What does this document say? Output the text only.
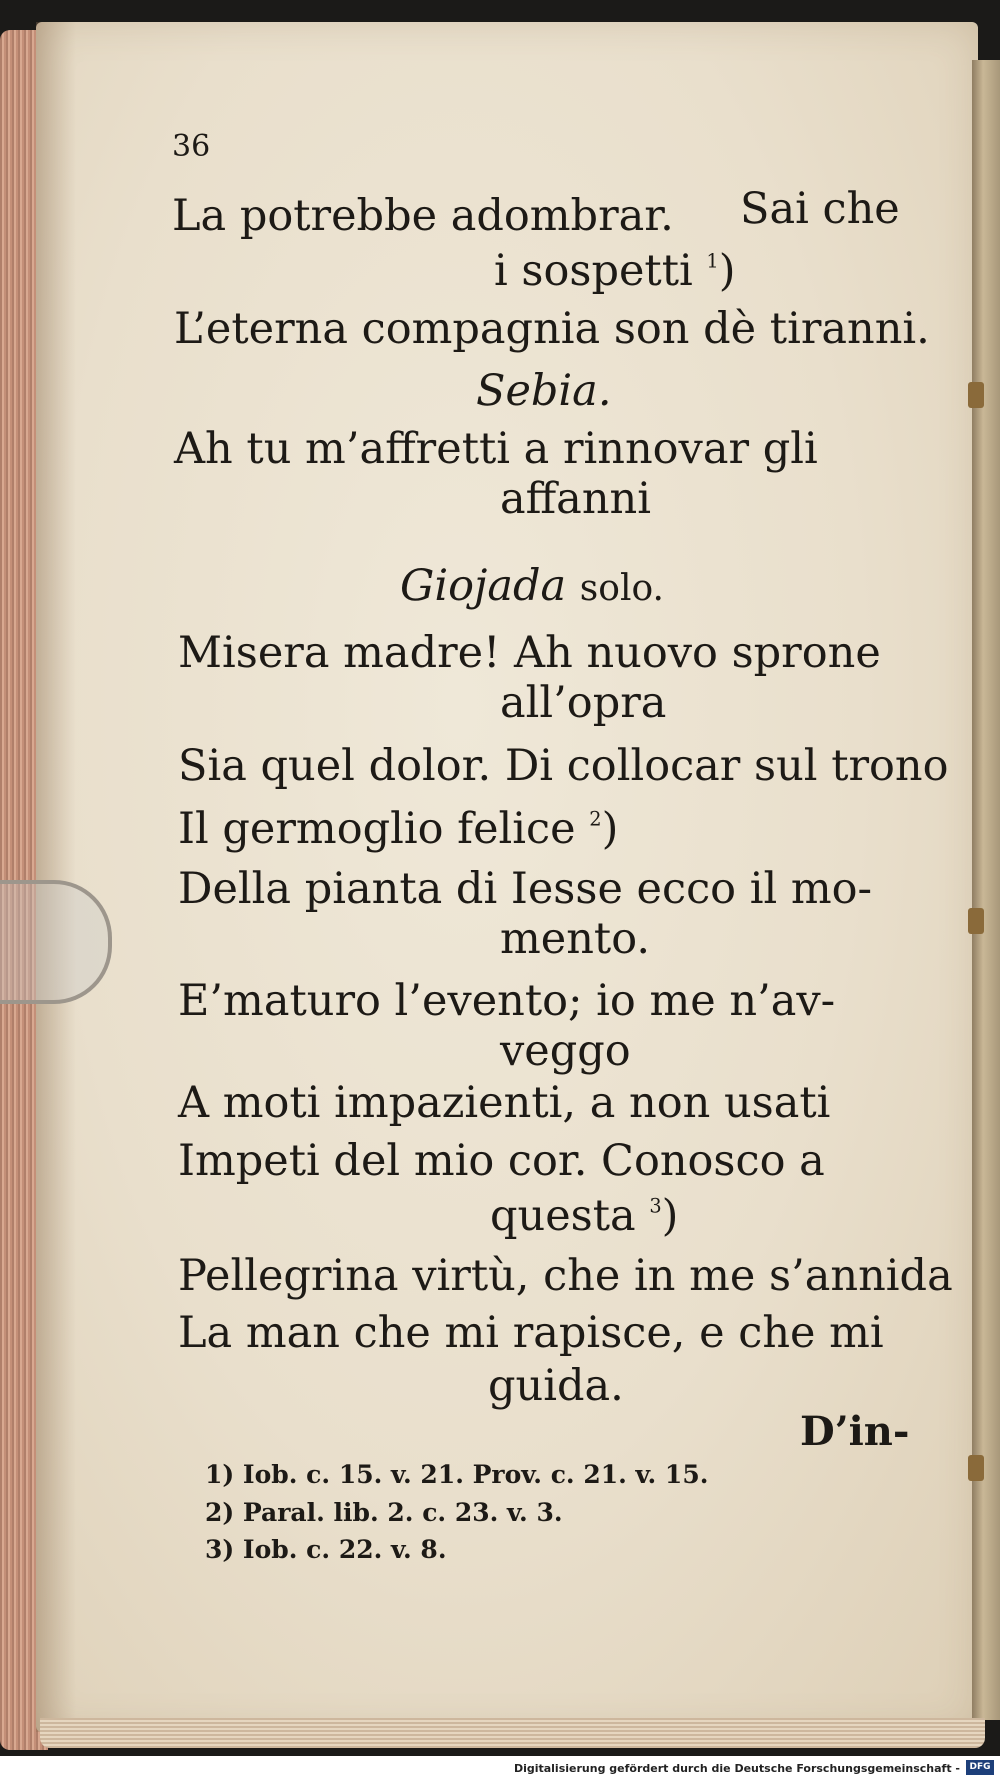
36
La potrebbe adombrar. Sai che
i sospetti $^1$)
L’eterna compagnia son dè tiranni.
Sebia.
Ah tu m’affretti a rinnovar gli
affanni
Giojada solo.
Misera madre! Ah nuovo sprone
all’opra
Sia quel dolor. Di collocar sul trono
Il germoglio felice $^2$)
Della pianta di Iesse ecco il mo-
mento.
E’maturo l’evento; io me n’av-
veggo
A moti impazienti, a non usati
Impeti del mio cor. Conosco a
questa $^3$)
Pellegrina virtù, che in me s’annida
La man che mi rapisce, e che mi
guida.
D’in-
1) Iob. c. 15. v. 21. Prov. c. 21. v. 15.
2) Paral. lib. 2. c. 23. v. 3.
3) Iob. c. 22. v. 8.
Digitalisierung gefördert durch die Deutsche Forschungsgemeinschaft -	DFG
